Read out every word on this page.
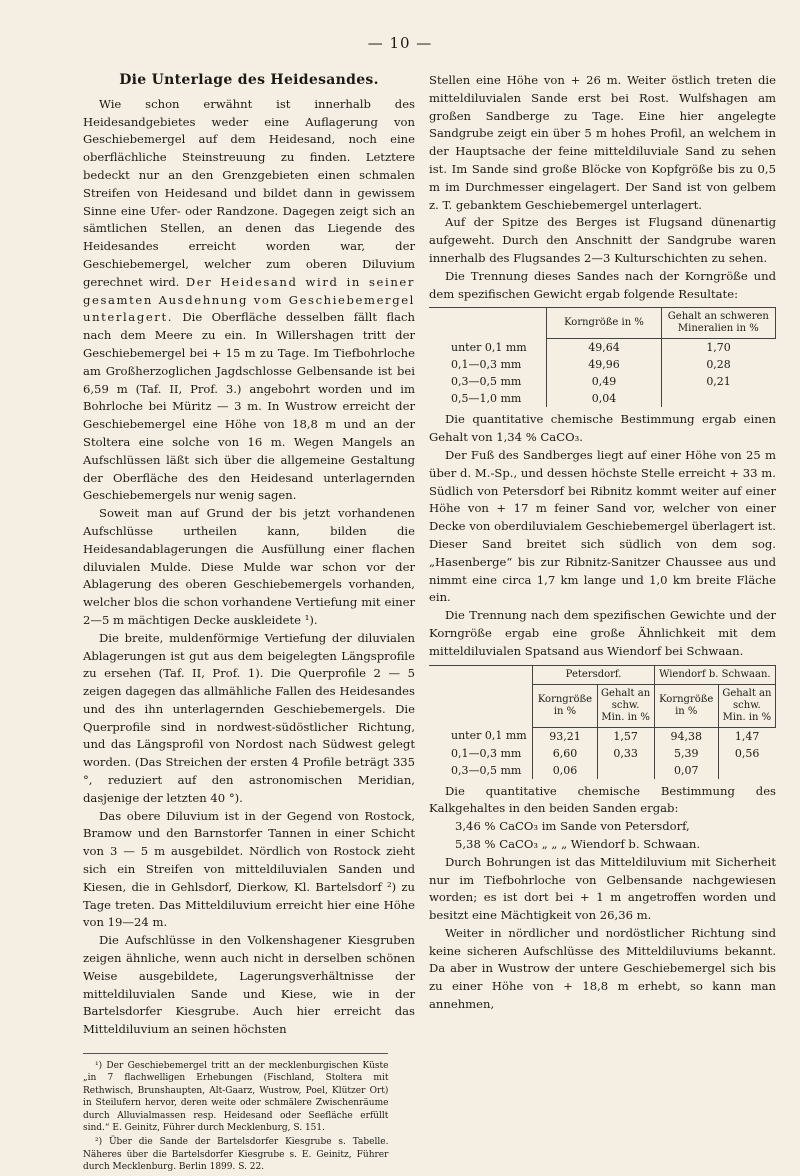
— 10 —
Die Unterlage des Heidesandes.

Wie schon erwähnt ist innerhalb des Heidesandgebietes weder eine Auflagerung von Geschiebemergel auf dem Heidesand, noch eine oberflächliche Steinstreuung zu finden. Letztere bedeckt nur an den Grenzgebieten einen schmalen Streifen von Heidesand und bildet dann in gewissem Sinne eine Ufer- oder Randzone. Dagegen zeigt sich an sämtlichen Stellen, an denen das Liegende des Heidesandes erreicht worden war, der Geschiebemergel, welcher zum oberen Diluvium gerechnet wird. Der Heidesand wird in seiner gesamten Ausdehnung vom Geschiebemergel unterlagert. Die Oberfläche desselben fällt flach nach dem Meere zu ein. In Willershagen tritt der Geschiebemergel bei + 15 m zu Tage. Im Tiefbohrloche am Großherzoglichen Jagdschlosse Gelbensande ist bei 6,59 m (Taf. II, Prof. 3.) angebohrt worden und im Bohrloche bei Müritz — 3 m. In Wustrow erreicht der Geschiebemergel eine Höhe von 18,8 m und an der Stoltera eine solche von 16 m. Wegen Mangels an Aufschlüssen läßt sich über die allgemeine Gestaltung der Oberfläche des den Heidesand unterlagernden Geschiebemergels nur wenig sagen.

Soweit man auf Grund der bis jetzt vorhandenen Aufschlüsse urtheilen kann, bilden die Heidesandablagerungen die Ausfüllung einer flachen diluvialen Mulde. Diese Mulde war schon vor der Ablagerung des oberen Geschiebemergels vorhanden, welcher blos die schon vorhandene Vertiefung mit einer 2—5 m mächtigen Decke auskleidete ¹).

Die breite, muldenförmige Vertiefung der diluvialen Ablagerungen ist gut aus dem beigelegten Längsprofile zu ersehen (Taf. II, Prof. 1). Die Querprofile 2 — 5 zeigen dagegen das allmähliche Fallen des Heidesandes und des ihn unterlagernden Geschiebemergels. Die Querprofile sind in nordwest-südöstlicher Richtung, und das Längsprofil von Nordost nach Südwest gelegt worden. (Das Streichen der ersten 4 Profile beträgt 335 °, reduziert auf den astronomischen Meridian, dasjenige der letzten 40 °).

Das obere Diluvium ist in der Gegend von Rostock, Bramow und den Barnstorfer Tannen in einer Schicht von 3 — 5 m ausgebildet. Nördlich von Rostock zieht sich ein Streifen von mitteldiluvialen Sanden und Kiesen, die in Gehlsdorf, Dierkow, Kl. Bartelsdorf ²) zu Tage treten. Das Mitteldiluvium erreicht hier eine Höhe von 19—24 m.

Die Aufschlüsse in den Volkenshagener Kiesgruben zeigen ähnliche, wenn auch nicht in derselben schönen Weise ausgebildete, Lagerungsverhältnisse der mitteldiluvialen Sande und Kiese, wie in der Bartelsdorfer Kiesgrube. Auch hier erreicht das Mitteldiluvium an seinen höchsten

¹) Der Geschiebemergel tritt an der mecklenburgischen Küste „in 7 flachwelligen Erhebungen (Fischland, Stoltera mit Rethwisch, Brunshaupten, Alt-Gaarz, Wustrow, Poel, Klützer Ort) in Steilufern hervor, deren weite oder schmälere Zwischenräume durch Alluvialmassen resp. Heidesand oder Seefläche erfüllt sind.“ E. Geinitz, Führer durch Mecklenburg, S. 151.

²) Über die Sande der Bartelsdorfer Kiesgrube s. Tabelle. Näheres über die Bartelsdorfer Kiesgrube s. E. Geinitz, Führer durch Mecklenburg. Berlin 1899. S. 22.

Stellen eine Höhe von + 26 m. Weiter östlich treten die mitteldiluvialen Sande erst bei Rost. Wulfshagen am großen Sandberge zu Tage. Eine hier angelegte Sandgrube zeigt ein über 5 m hohes Profil, an welchem in der Hauptsache der feine mitteldiluviale Sand zu sehen ist. Im Sande sind große Blöcke von Kopfgröße bis zu 0,5 m im Durchmesser eingelagert. Der Sand ist von gelbem z. T. gebanktem Geschiebemergel unterlagert.

Auf der Spitze des Berges ist Flugsand dünenartig aufgeweht. Durch den Anschnitt der Sandgrube waren innerhalb des Flugsandes 2—3 Kulturschichten zu sehen.

Die Trennung dieses Sandes nach der Korngröße und dem spezifischen Gewicht ergab folgende Resultate:

	Korngröße in %	Gehalt an schweren Mineralien in %
unter 0,1 mm	49,64	1,70
0,1—0,3 mm	49,96	0,28
0,3—0,5 mm	0,49	0,21
0,5—1,0 mm	0,04	

Die quantitative chemische Bestimmung ergab einen Gehalt von 1,34 % CaCO₃.

Der Fuß des Sandberges liegt auf einer Höhe von 25 m über d. M.-Sp., und dessen höchste Stelle erreicht + 33 m. Südlich von Petersdorf bei Ribnitz kommt weiter auf einer Höhe von + 17 m feiner Sand vor, welcher von einer Decke von oberdiluvialem Geschiebemergel überlagert ist. Dieser Sand breitet sich südlich von dem sog. „Hasenberge“ bis zur Ribnitz-Sanitzer Chaussee aus und nimmt eine circa 1,7 km lange und 1,0 km breite Fläche ein.

Die Trennung nach dem spezifischen Gewichte und der Korngröße ergab eine große Ähnlichkeit mit dem mitteldiluvialen Spatsand aus Wiendorf bei Schwaan.

	Petersdorf.		Wiendorf b. Schwaan.	
	Korngröße in %	Gehalt an schw. Min. in %	Korngröße in %	Gehalt an schw. Min. in %
unter 0,1 mm	93,21	1,57	94,38	1,47
0,1—0,3 mm	6,60	0,33	5,39	0,56
0,3—0,5 mm	0,06		0,07	

Die quantitative chemische Bestimmung des Kalkgehaltes in den beiden Sanden ergab:

3,46 % CaCO₃ im Sande von Petersdorf,

5,38 % CaCO₃ „ „ „ Wiendorf b. Schwaan.

Durch Bohrungen ist das Mitteldiluvium mit Sicherheit nur im Tiefbohrloche von Gelbensande nachgewiesen worden; es ist dort bei + 1 m angetroffen worden und besitzt eine Mächtigkeit von 26,36 m.

Weiter in nördlicher und nordöstlicher Richtung sind keine sicheren Aufschlüsse des Mitteldiluviums bekannt. Da aber in Wustrow der untere Geschiebemergel sich bis zu einer Höhe von + 18,8 m erhebt, so kann man annehmen,
